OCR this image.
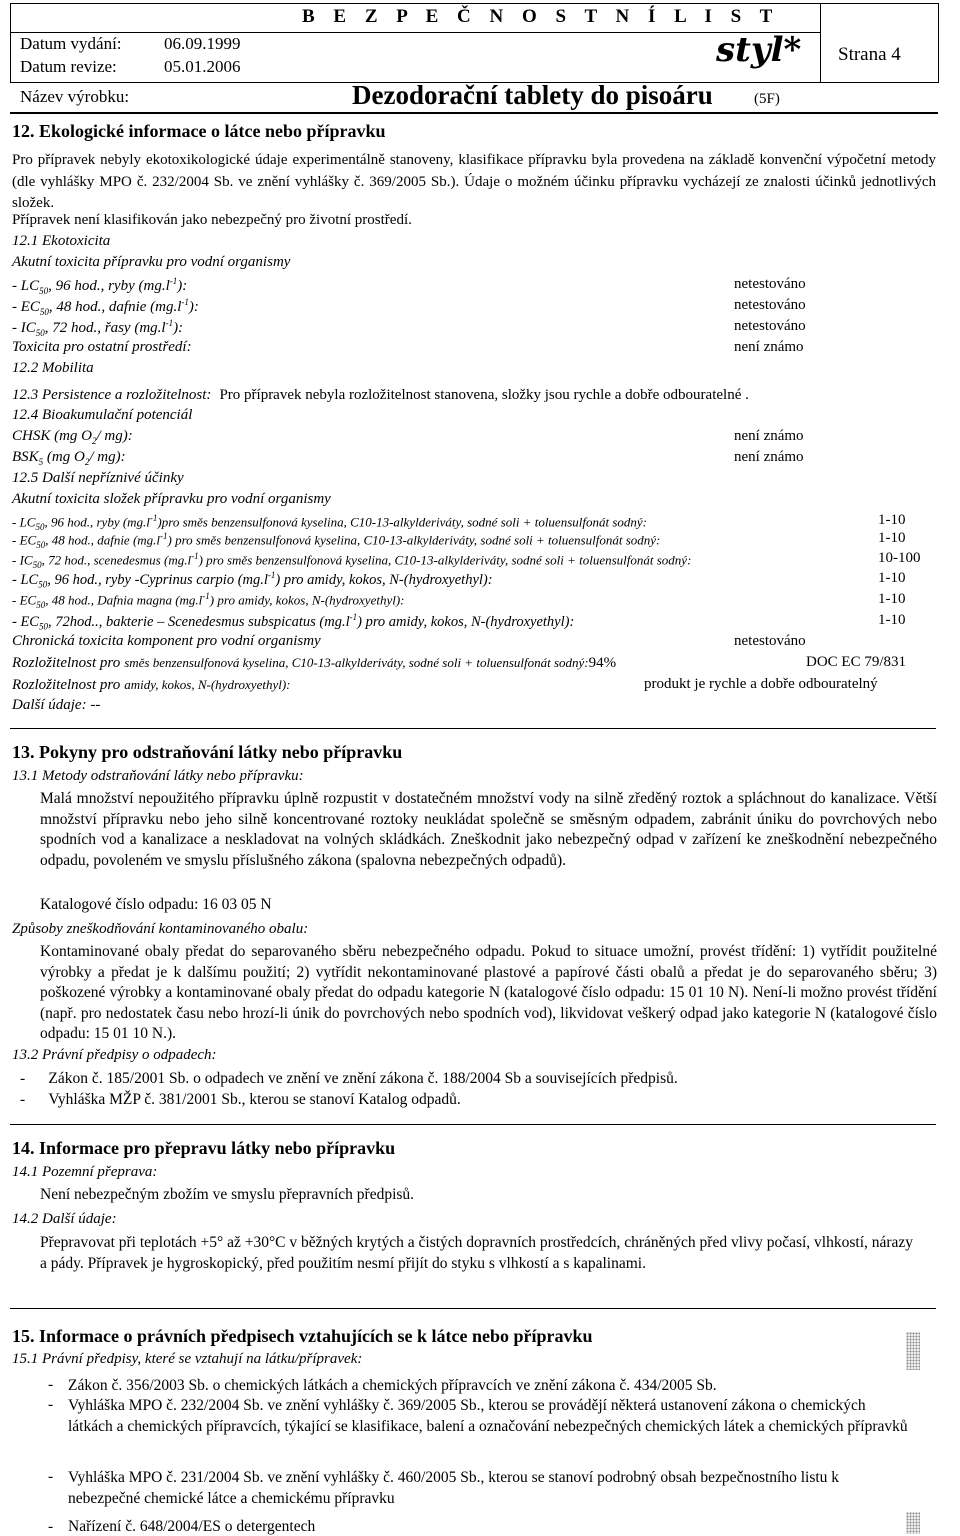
Datum vydání: 06.09.1999
Datum revize:	05.01.2006
B E Z P E Č N O S T N Í L I S T
styl* Strana 4
Název výrobku:	Dezodorační tablety do pisoáru	(5F)
12. Ekologické informace o látce nebo přípravku
Pro přípravek nebyly ekotoxikologické údaje experimentálně stanoveny, klasifikace přípravku byla provedena na základě konvenční výpočetní metody (dle vyhlášky MPO č. 232/2004 Sb. ve znění vyhlášky č. 369/2005 Sb.). Údaje o možném účinku přípravku vycházejí ze znalosti účinků jednotlivých složek.
Přípravek není klasifikován jako nebezpečný pro životní prostředí.
12.1 Ekotoxicita
Akutní toxicita přípravku pro vodní organismy
- $LC_{50}$, 96 hod., ryby $(mg.l^{-1})$:	netestováno
- $EC_{50}$, 48 hod., dafnie $(mg.l^{-1})$:	netestováno
- $IC_{50}$, 72 hod., řasy $(mg.l^{-1})$:	netestováno
Toxicita pro ostatní prostředí:	není známo
12.2 Mobilita
12.3 Persistence a rozložitelnost: Pro přípravek nebyla rozložitelnost stanovena, složky jsou rychle a dobře odbouratelné .
12.4 Bioakumulační potenciál
CHSK (mg $O_2/$ mg):	není známo
$BSK_5$ (mg $O_2/$ mg):	není známo
12.5 Další nepříznivé účinky
Akutní toxicita složek přípravku pro vodní organismy
- $LC_{50}$, 96 hod., ryby $(mg.l^{-1})pro$ směs benzensulfonová kyselina, C10-13-alkylderiváty, sodné soli + toluensulfonát sodný:	1-10
- $EC_{50}$, 48 hod., dafnie $(mg.l^{-1})$ pro směs benzensulfonová kyselina, C10-13-alkylderiváty, sodné soli + toluensulfonát sodný:	1-10
- $IC_{50}$, 72 hod., scenedesmus $(mg.l^{-1})$ pro směs benzensulfonová kyselina, C10-13-alkylderiváty, sodné soli + toluensulfonát sodný:	10-100
- $LC_{50}$, 96 hod., ryby -Cyprinus carpio $(mg.l^{-1})$ pro amidy, kokos, N-(hydroxyethyl):	1-10
- $EC_{50}$, 48 hod., Dafnia magna $(mg.l^{-1})$ pro amidy, kokos, N-(hydroxyethyl):	1-10
- $EC_{50}$, 72hod.., bakterie – Scenedesmus subspicatus $(mg.l^{-1})$ pro amidy, kokos, N-(hydroxyethyl):	1-10
Chronická toxicita komponent pro vodní organismy	netestováno
Rozložitelnost pro směs benzensulfonová kyselina, C10-13-alkylderiváty, sodné soli + toluensulfonát sodný:94%	DOC EC 79/831
Rozložitelnost pro amidy, kokos, N-(hydroxyethyl):	produkt je rychle a dobře odbouratelný
Další údaje: --
13. Pokyny pro odstraňování látky nebo přípravku
13.1 Metody odstraňování látky nebo přípravku:
Malá množství nepoužitého přípravku úplně rozpustit v dostatečném množství vody na silně zředěný roztok a spláchnout do kanalizace. Větší množství přípravku nebo jeho silně koncentrované roztoky neukládat společně se směsným odpadem, zabránit úniku do povrchových nebo spodních vod a kanalizace a neskladovat na volných skládkách. Zneškodnit jako nebezpečný odpad v zařízení ke zneškodnění nebezpečného odpadu, povoleném ve smyslu příslušného zákona (spalovna nebezpečných odpadů).
Katalogové číslo odpadu: 16 03 05 N
Způsoby zneškodňování kontaminovaného obalu:
Kontaminované obaly předat do separovaného sběru nebezpečného odpadu. Pokud to situace umožní, provést třídění: 1) vytřídit použitelné výrobky a předat je k dalšímu použití; 2) vytřídit nekontaminované plastové a papírové části obalů a předat je do separovaného sběru; 3) poškozené výrobky a kontaminované obaly předat do odpadu kategorie N (katalogové číslo odpadu: 15 01 10 N). Není-li možno provést třídění (např. pro nedostatek času nebo hrozí-li únik do povrchových nebo spodních vod), likvidovat veškerý odpad jako kategorie N (katalogové číslo odpadu: 15 01 10 N.).
13.2 Právní předpisy o odpadech:
-      Zákon č. 185/2001 Sb. o odpadech ve znění ve znění zákona č. 188/2004 Sb a souvisejících předpisů.
-      Vyhláška MŽP č. 381/2001 Sb., kterou se stanoví Katalog odpadů.
14. Informace pro přepravu látky nebo přípravku
14.1 Pozemní přeprava:
Není nebezpečným zbožím ve smyslu přepravních předpisů.
14.2 Další údaje:
Přepravovat při teplotách +5° až +30°C v běžných krytých a čistých dopravních prostředcích, chráněných před vlivy počasí, vlhkostí, nárazy a pády. Přípravek je hygroskopický, před použitím nesmí přijít do styku s vlhkostí a s kapalinami.
15. Informace o právních předpisech vztahujících se k látce nebo přípravku
15.1 Právní předpisy, které se vztahují na látku/přípravek:
- Zákon č. 356/2003 Sb. o chemických látkách a chemických přípravcích ve znění zákona č. 434/2005 Sb.
- Vyhláška MPO č. 232/2004 Sb. ve znění vyhlášky č. 369/2005 Sb., kterou se provádějí některá ustanovení zákona o chemických látkách a chemických přípravcích, týkající se klasifikace, balení a označování nebezpečných chemických látek a chemických přípravků
- Vyhláška MPO č. 231/2004 Sb. ve znění vyhlášky č. 460/2005 Sb., kterou se stanoví podrobný obsah bezpečnostního listu k nebezpečné chemické látce a chemickému přípravku
- Nařízení č. 648/2004/ES o detergentech
